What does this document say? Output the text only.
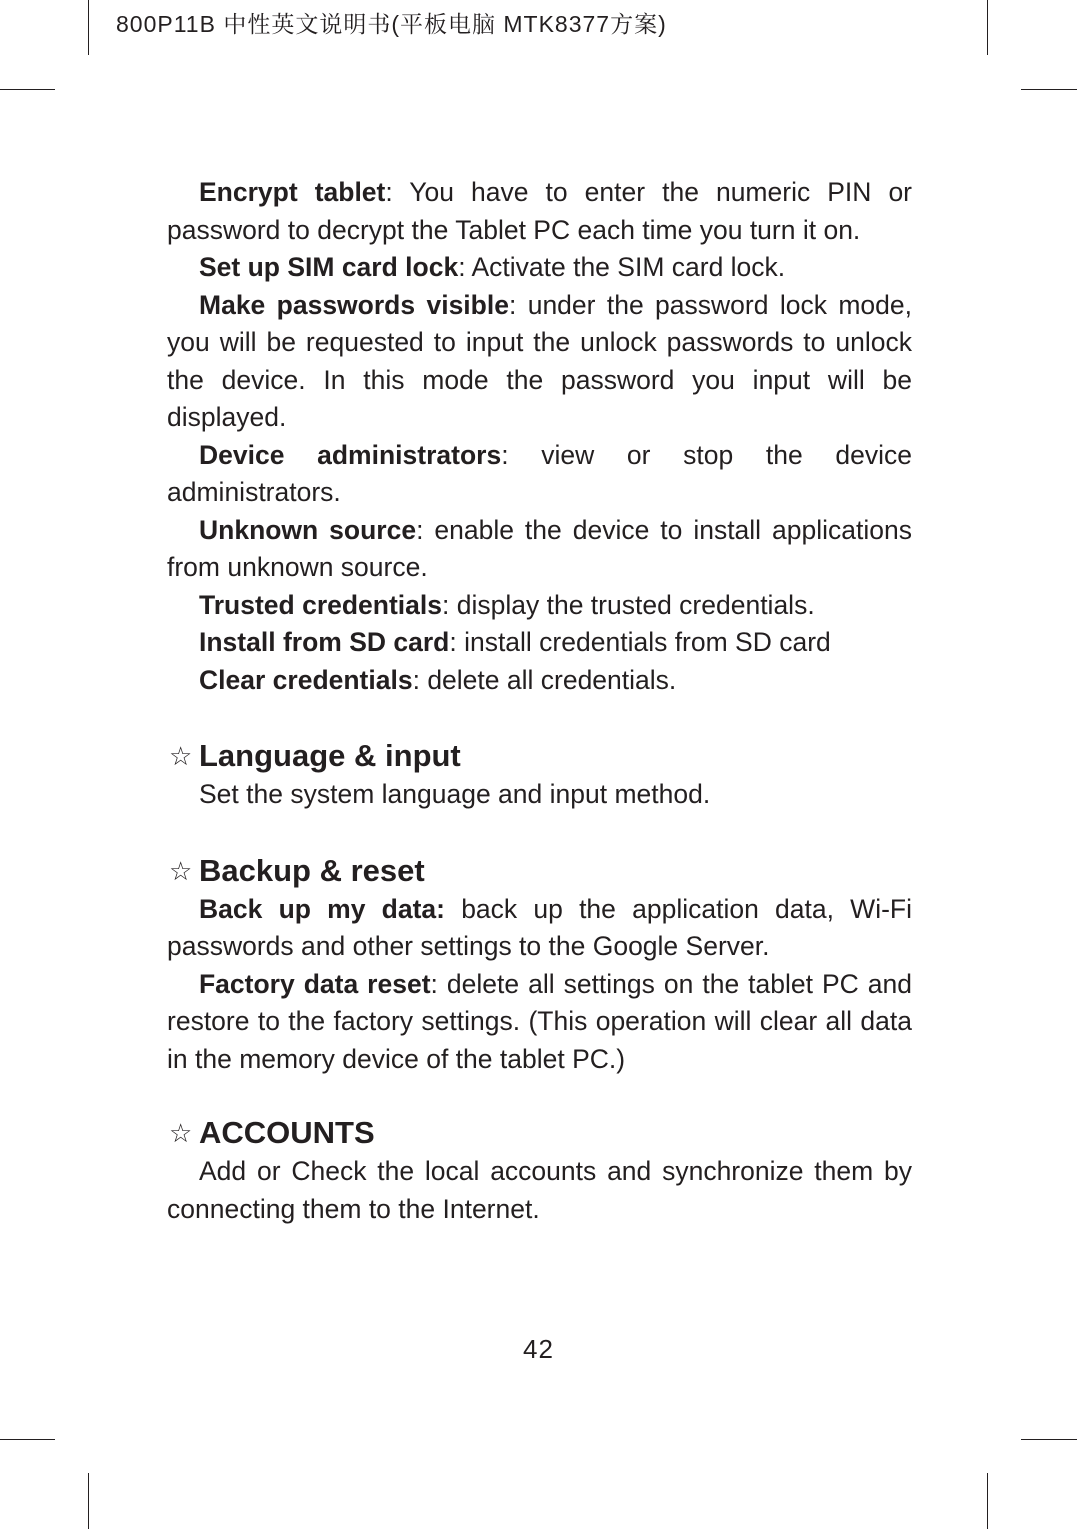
800P11B 中性英文说明书(平板电脑 MTK8377方案)

Encrypt tablet: You have to enter the numeric PIN or password to decrypt the Tablet PC each time you turn it on.

Set up SIM card lock: Activate the SIM card lock.

Make passwords visible: under the password lock mode, you will be requested to input the unlock passwords to unlock the device. In this mode the password you input will be displayed.

Device administrators: view or stop the device administrators.

Unknown source: enable the device to install applications from unknown source.

Trusted credentials: display the trusted credentials.

Install from SD card: install credentials from SD card

Clear credentials: delete all credentials.

☆ Language & input

Set the system language and input method.

☆ Backup & reset

Back up my data: back up the application data, Wi-Fi passwords and other settings to the Google Server.

Factory data reset: delete all settings on the tablet PC and restore to the factory settings. (This operation will clear all data in the memory device of the tablet PC.)

☆ ACCOUNTS

Add or Check the local accounts and synchronize them by connecting them to the Internet.

42
